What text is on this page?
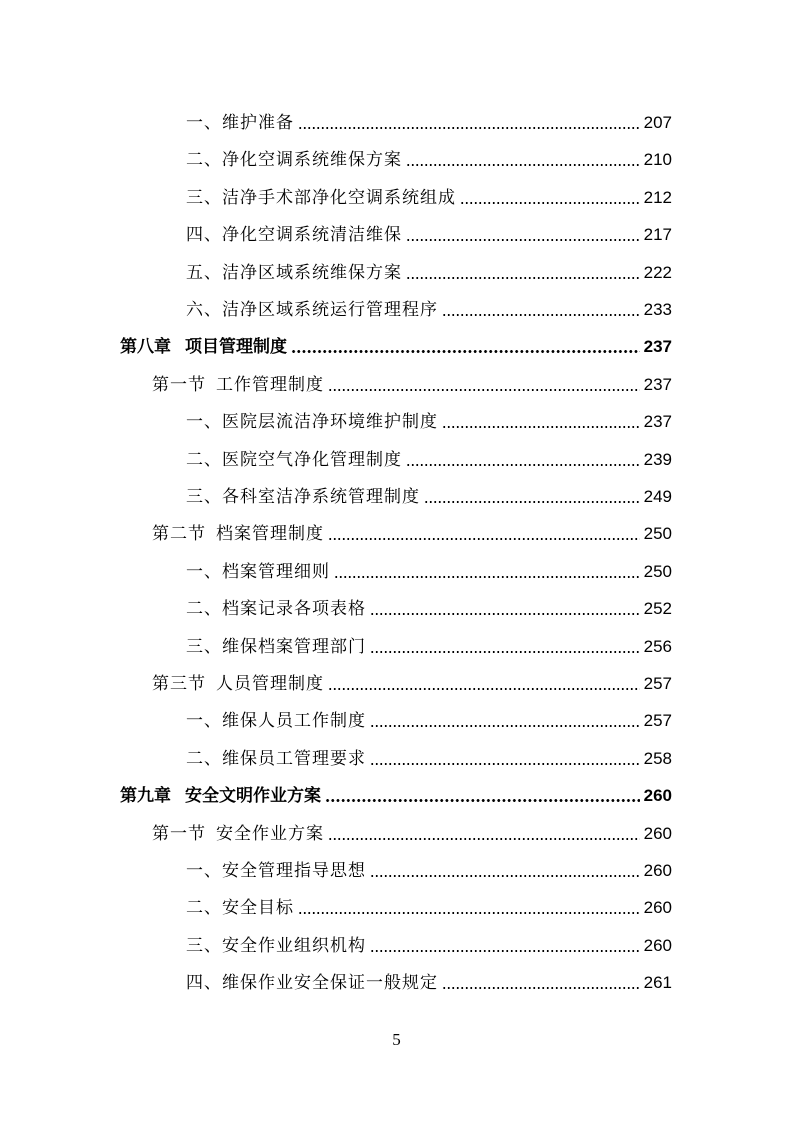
一、 维护准备	207
二、 净化空调系统维保方案	210
三、 洁净手术部净化空调系统组成	212
四、 净化空调系统清洁维保	217
五、 洁净区域系统维保方案	222
六、 洁净区域系统运行管理程序	233
第八章 项目管理制度	237
第一节 工作管理制度	237
一、 医院层流洁净环境维护制度	237
二、 医院空气净化管理制度	239
三、 各科室洁净系统管理制度	249
第二节 档案管理制度	250
一、 档案管理细则	250
二、 档案记录各项表格	252
三、 维保档案管理部门	256
第三节 人员管理制度	257
一、 维保人员工作制度	257
二、 维保员工管理要求	258
第九章 安全文明作业方案	260
第一节 安全作业方案	260
一、 安全管理指导思想	260
二、 安全目标	260
三、 安全作业组织机构	260
四、 维保作业安全保证一般规定	261
5
